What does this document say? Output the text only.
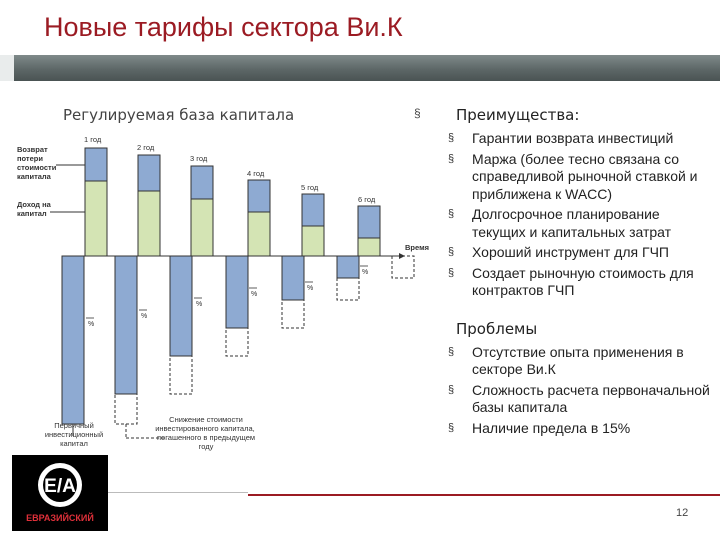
Новые тарифы сектора Ви.К
Регулируемая база капитала	§
Возврат потери стоимости капитала
Доход на капитал
1 год
2 год
3 год
4 год
5 год
6 год
Время
%
%
%
%
%
%
Первичный инвестиционный капитал
Снижение стоимости инвестированного капитала, погашенного в предыдущем году
Преимущества:
§ Гарантии возврата инвестиций
§ Маржа (более тесно связана со справедливой рыночной ставкой и приближена к WACC)
§ Долгосрочное планирование текущих и капитальных затрат
§ Хороший инструмент для ГЧП
§ Создает рыночную стоимость для контрактов ГЧП
Проблемы
§ Отсутствие опыта применения в секторе Ви.К
§ Сложность расчета первоначальной базы капитала
§ Наличие предела в 15%
Е/А
ЕВРАЗИЙСКИЙ	12
